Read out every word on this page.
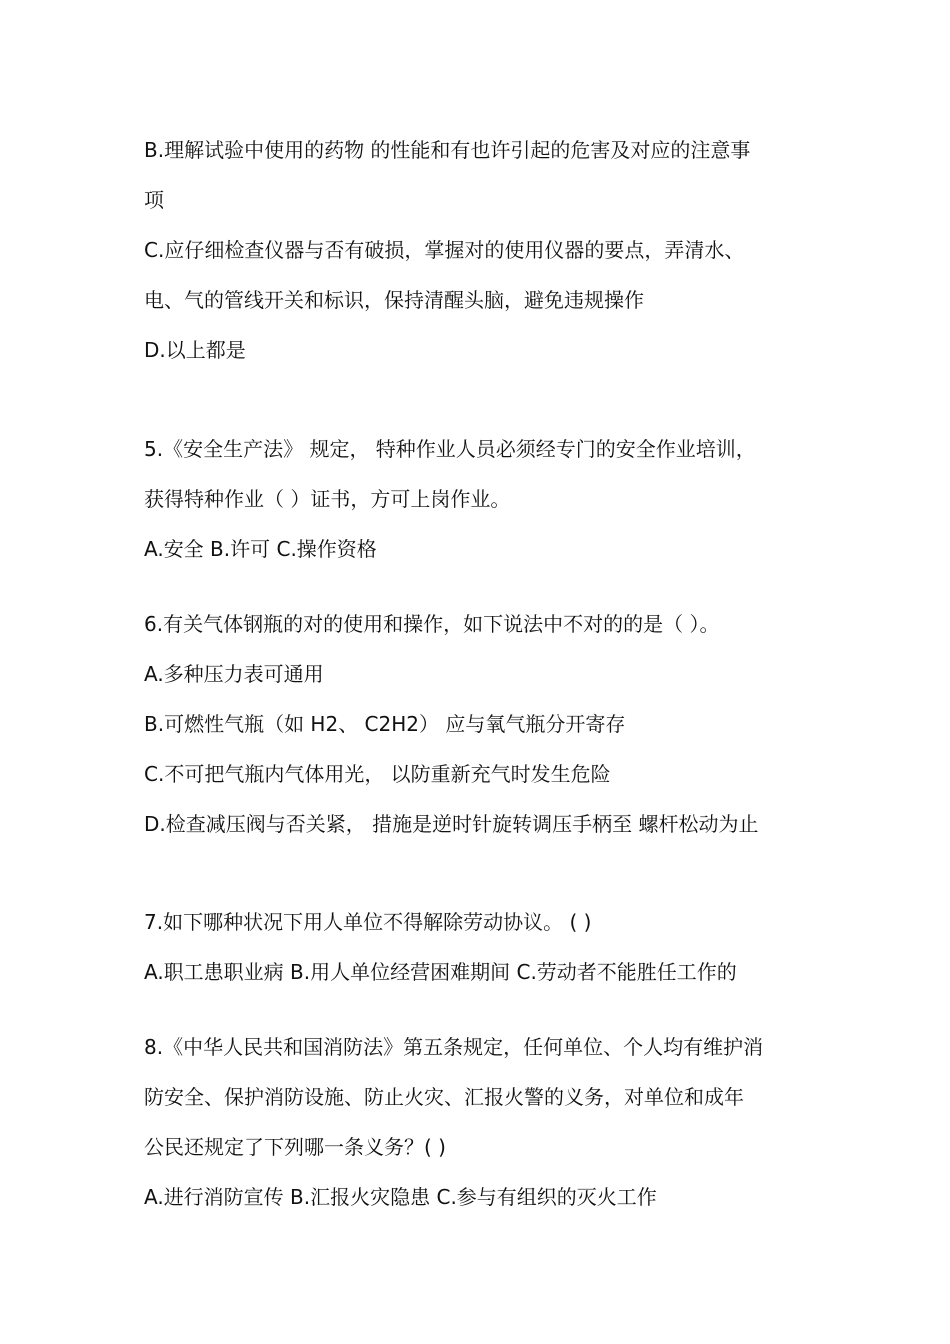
B.理解试验中使用的药物 的性能和有也许引起的危害及对应的注意事
项
C.应仔细检查仪器与否有破损，掌握对的使用仪器的要点，弄清水、
电、气的管线开关和标识，保持清醒头脑，避免违规操作
D.以上都是
5.《安全生产法》 规定， 特种作业人员必须经专门的安全作业培训，
获得特种作业（ ）证书，方可上岗作业。
A.安全 B.许可 C.操作资格
6.有关气体钢瓶的对的使用和操作，如下说法中不对的的是（ ）。
A.多种压力表可通用
B.可燃性气瓶（如 H2、 C2H2） 应与氧气瓶分开寄存
C.不可把气瓶内气体用光， 以防重新充气时发生危险
D.检查减压阀与否关紧， 措施是逆时针旋转调压手柄至 螺杆松动为止
7.如下哪种状况下用人单位不得解除劳动协议。 ( )
A.职工患职业病 B.用人单位经营困难期间 C.劳动者不能胜任工作的
8.《中华人民共和国消防法》第五条规定，任何单位、个人均有维护消
防安全、保护消防设施、防止火灾、汇报火警的义务，对单位和成年
公民还规定了下列哪一条义务？( )
A.进行消防宣传 B.汇报火灾隐患 C.参与有组织的灭火工作
